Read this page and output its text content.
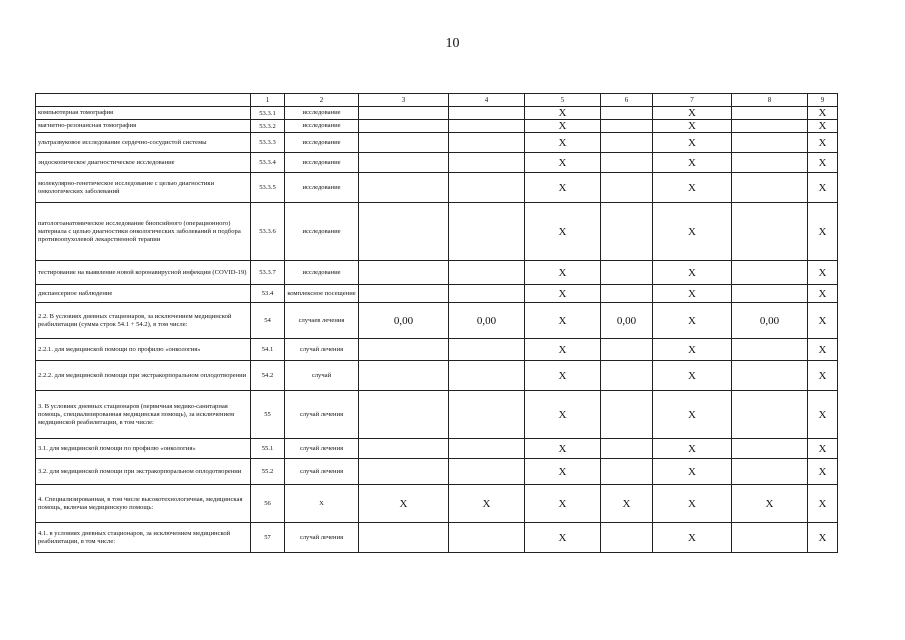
10
	1	2	3	4	5	6	7	8	9
компьютерная томография	53.3.1	исследование			X		X		X
магнитно-резонансная томография	53.3.2	исследование			X		X		X
ультразвуковое исследование сердечно-сосудистой системы	53.3.3	исследование			X		X		X
эндоскопическое диагностическое исследование	53.3.4	исследование			X		X		X
молекулярно-генетическое исследование с целью диагностики онкологических заболеваний	53.3.5	исследование			X		X		X
патологоанатомическое исследование биопсийного (операционного) материала с целью диагностики онкологических заболеваний и подбора противоопухолевой лекарственной терапии	53.3.6	исследование			X		X		X
тестирование на выявление новой коронавирусной инфекции (COVID-19)	53.3.7	исследование			X		X		X
диспансерное наблюдение	53.4	комплексное посещение			X		X		X
2.2. В условиях дневных стационаров, за исключением медицинской реабилитации (сумма строк 54.1 + 54.2), в том числе:	54	случаев лечения	0,00	0,00	X	0,00	X	0,00	X
2.2.1. для медицинской помощи по профилю «онкология»	54.1	случай лечения			X		X		X
2.2.2. для медицинской помощи при экстракорпоральном оплодотворении	54.2	случай			X		X		X
3. В условиях дневных стационаров (первичная медико-санитарная помощь, специализированная медицинская помощь), за исключением медицинской реабилитации, в том числе:	55	случай лечения			X		X		X
3.1. для медицинской помощи по профилю «онкология»	55.1	случай лечения			X		X		X
3.2. для медицинской помощи при экстракорпоральном оплодотворении	55.2	случай лечения			X		X		X
4. Специализированная, в том числе высокотехнологичная, медицинская помощь, включая медицинскую помощь:	56	X	X	X	X	X	X	X	X
4.1. в условиях дневных стационаров, за исключением медицинской реабилитации, в том числе:	57	случай лечения			X		X		X
